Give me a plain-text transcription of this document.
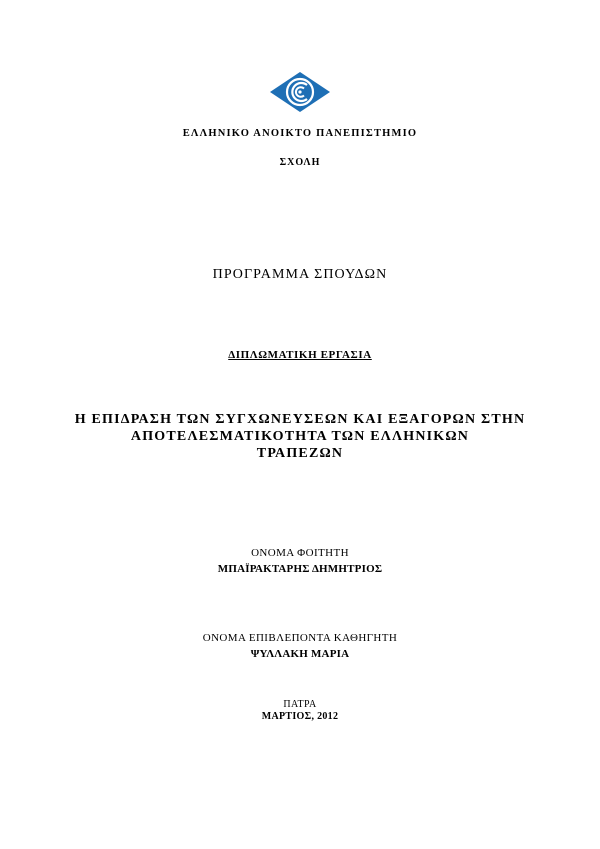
ΕΛΛΗΝΙΚΟ ΑΝΟΙΚΤΟ ΠΑΝΕΠΙΣΤΗΜΙΟ
ΣΧΟΛΗ
ΠΡΟΓΡΑΜΜΑ ΣΠΟΥΔΩΝ
ΔΙΠΛΩΜΑΤΙΚΗ ΕΡΓΑΣΙΑ
Η ΕΠΙΔΡΑΣΗ ΤΩΝ ΣΥΓΧΩΝΕΥΣΕΩΝ ΚΑΙ ΕΞΑΓΟΡΩΝ ΣΤΗΝ
ΑΠΟΤΕΛΕΣΜΑΤΙΚΟΤΗΤΑ ΤΩΝ ΕΛΛΗΝΙΚΩΝ
ΤΡΑΠΕΖΩΝ
ΟΝΟΜΑ ΦΟΙΤΗΤΗ
ΜΠΑΪΡΑΚΤΑΡΗΣ ΔΗΜΗΤΡΙΟΣ
ΟΝΟΜΑ ΕΠΙΒΛΕΠΟΝΤΑ ΚΑΘΗΓΗΤΗ
ΨΥΛΛΑΚΗ ΜΑΡΙΑ
ΠΑΤΡΑ
ΜΑΡΤΙΟΣ, 2012
